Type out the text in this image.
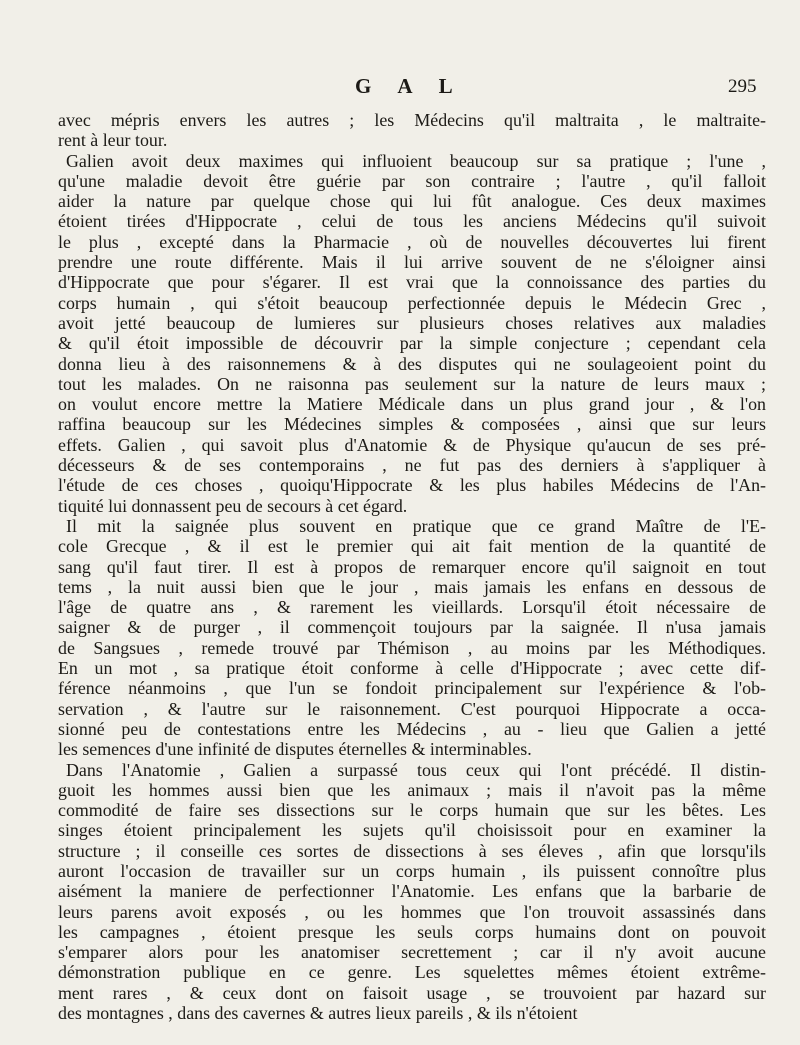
G A L	295
avec mépris envers les autres ; les Médecins qu'il maltraita , le maltraite-
rent à leur tour.
Galien avoit deux maximes qui influoient beaucoup sur sa pratique ; l'une ,
qu'une maladie devoit être guérie par son contraire ; l'autre , qu'il falloit
aider la nature par quelque chose qui lui fût analogue. Ces deux maximes
étoient tirées d'Hippocrate , celui de tous les anciens Médecins qu'il suivoit
le plus , excepté dans la Pharmacie , où de nouvelles découvertes lui firent
prendre une route différente. Mais il lui arrive souvent de ne s'éloigner ainsi
d'Hippocrate que pour s'égarer. Il est vrai que la connoissance des parties du
corps humain , qui s'étoit beaucoup perfectionnée depuis le Médecin Grec ,
avoit jetté beaucoup de lumieres sur plusieurs choses relatives aux maladies
& qu'il étoit impossible de découvrir par la simple conjecture ; cependant cela
donna lieu à des raisonnemens & à des disputes qui ne soulageoient point du
tout les malades. On ne raisonna pas seulement sur la nature de leurs maux ;
on voulut encore mettre la Matiere Médicale dans un plus grand jour , & l'on
raffina beaucoup sur les Médecines simples & composées , ainsi que sur leurs
effets. Galien , qui savoit plus d'Anatomie & de Physique qu'aucun de ses pré-
décesseurs & de ses contemporains , ne fut pas des derniers à s'appliquer à
l'étude de ces choses , quoiqu'Hippocrate & les plus habiles Médecins de l'An-
tiquité lui donnassent peu de secours à cet égard.
Il mit la saignée plus souvent en pratique que ce grand Maître de l'E-
cole Grecque , & il est le premier qui ait fait mention de la quantité de
sang qu'il faut tirer. Il est à propos de remarquer encore qu'il saignoit en tout
tems , la nuit aussi bien que le jour , mais jamais les enfans en dessous de
l'âge de quatre ans , & rarement les vieillards. Lorsqu'il étoit nécessaire de
saigner & de purger , il commençoit toujours par la saignée. Il n'usa jamais
de Sangsues , remede trouvé par Thémison , au moins par les Méthodiques.
En un mot , sa pratique étoit conforme à celle d'Hippocrate ; avec cette dif-
férence néanmoins , que l'un se fondoit principalement sur l'expérience & l'ob-
servation , & l'autre sur le raisonnement. C'est pourquoi Hippocrate a occa-
sionné peu de contestations entre les Médecins , au - lieu que Galien a jetté
les semences d'une infinité de disputes éternelles & interminables.
Dans l'Anatomie , Galien a surpassé tous ceux qui l'ont précédé. Il distin-
guoit les hommes aussi bien que les animaux ; mais il n'avoit pas la même
commodité de faire ses dissections sur le corps humain que sur les bêtes. Les
singes étoient principalement les sujets qu'il choisissoit pour en examiner la
structure ; il conseille ces sortes de dissections à ses éleves , afin que lorsqu'ils
auront l'occasion de travailler sur un corps humain , ils puissent connoître plus
aisément la maniere de perfectionner l'Anatomie. Les enfans que la barbarie de
leurs parens avoit exposés , ou les hommes que l'on trouvoit assassinés dans
les campagnes , étoient presque les seuls corps humains dont on pouvoit
s'emparer alors pour les anatomiser secrettement ; car il n'y avoit aucune
démonstration publique en ce genre. Les squelettes mêmes étoient extrême-
ment rares , & ceux dont on faisoit usage , se trouvoient par hazard sur
des montagnes , dans des cavernes & autres lieux pareils , & ils n'étoient
